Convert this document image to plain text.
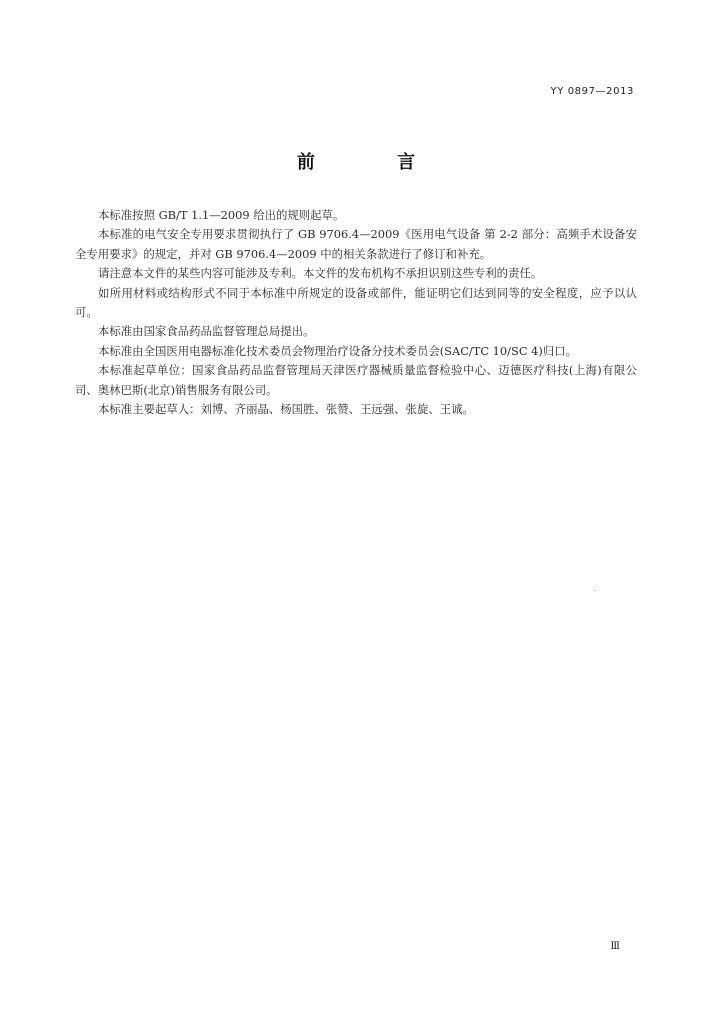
YY 0897—2013
前 言

本标准按照 GB/T 1.1—2009 给出的规则起草。

本标准的电气安全专用要求贯彻执行了 GB 9706.4—2009《医用电气设备 第 2-2 部分：高频手术设备安全专用要求》的规定，并对 GB 9706.4—2009 中的相关条款进行了修订和补充。

请注意本文件的某些内容可能涉及专利。本文件的发布机构不承担识别这些专利的责任。

如所用材料或结构形式不同于本标准中所规定的设备或部件，能证明它们达到同等的安全程度，应予以认可。

本标准由国家食品药品监督管理总局提出。

本标准由全国医用电器标准化技术委员会物理治疗设备分技术委员会(SAC/TC 10/SC 4)归口。

本标准起草单位：国家食品药品监督管理局天津医疗器械质量监督检验中心、迈德医疗科技(上海)有限公司、奥林巴斯(北京)销售服务有限公司。

本标准主要起草人：刘博、齐丽晶、杨国胜、张赞、王远强、张旋、王诚。

Ⅲ
